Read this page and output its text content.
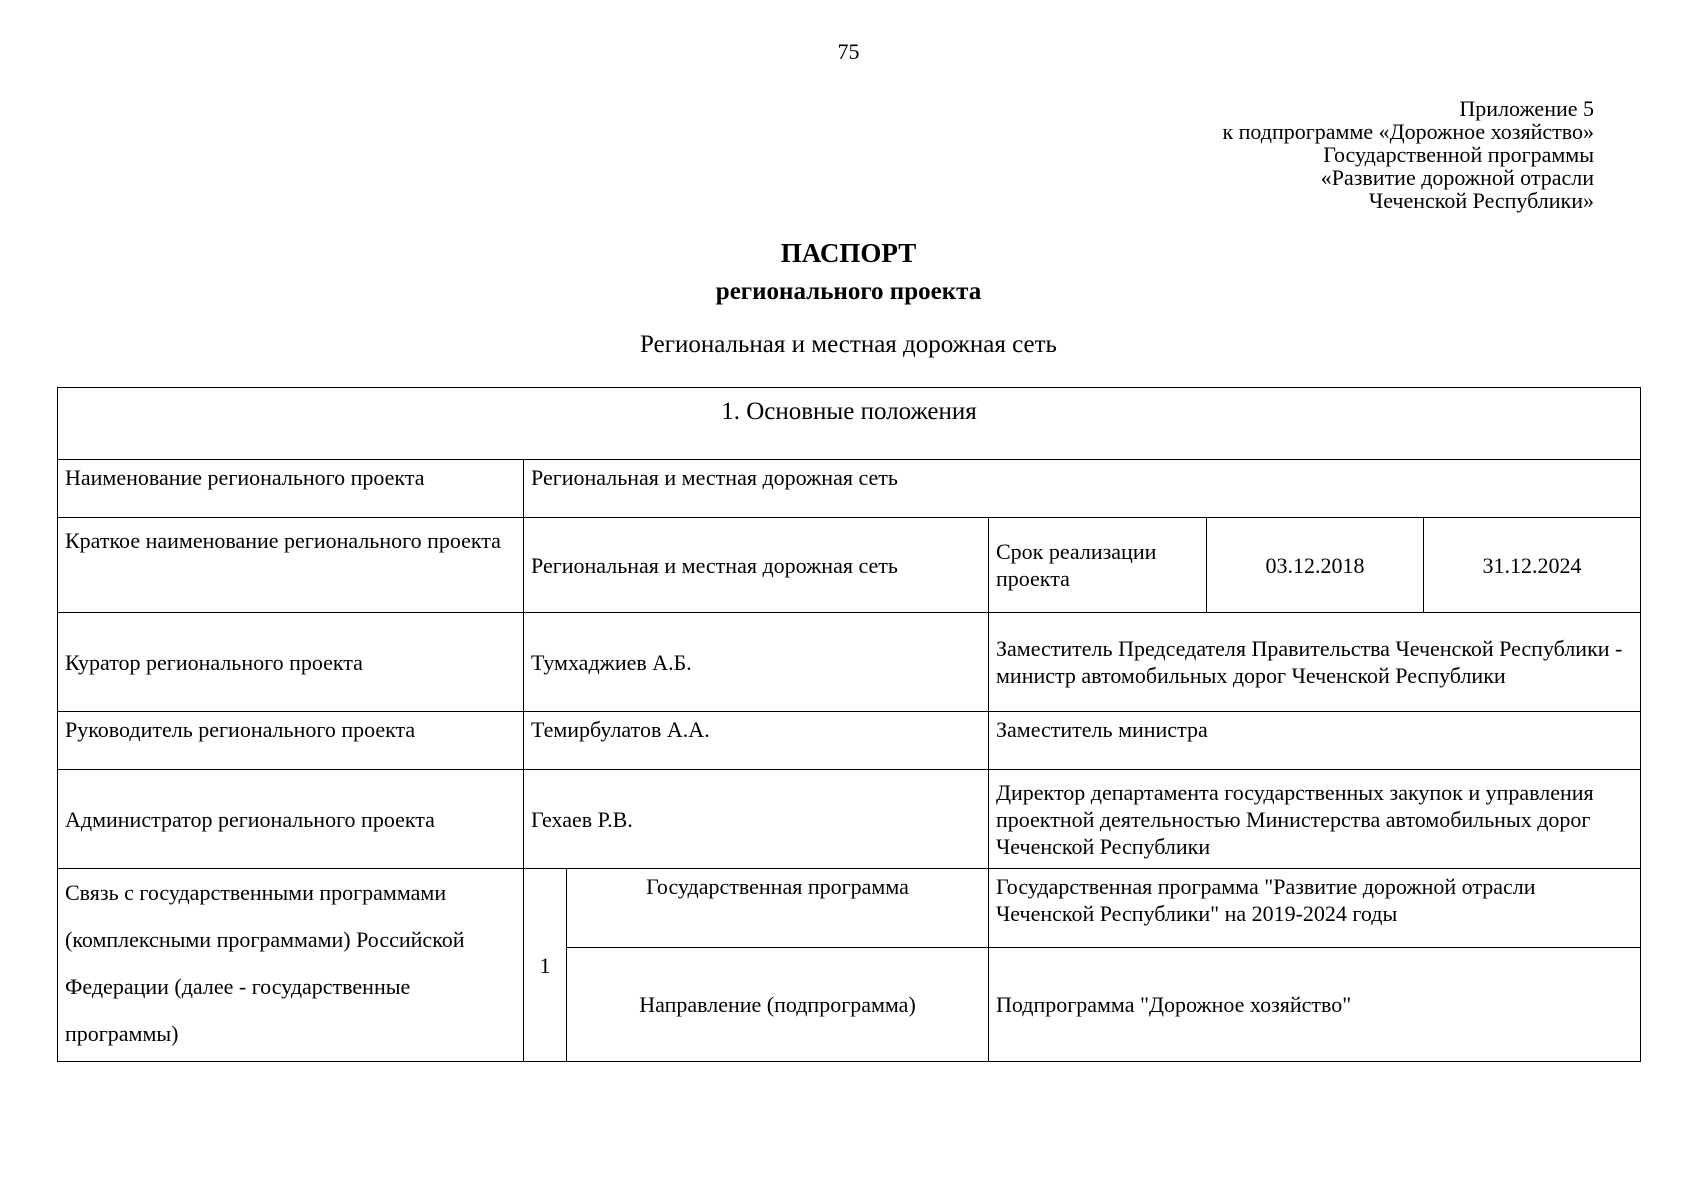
75
Приложение 5
к подпрограмме «Дорожное хозяйство»
Государственной программы
«Развитие дорожной отрасли
Чеченской Республики»
ПАСПОРТ
регионального проекта
Региональная и местная дорожная сеть
1. Основные положения					
Наименование регионального проекта	Региональная и местная дорожная сеть				
Краткое наименование регионального проекта	Региональная и местная дорожная сеть		Срок реализации проекта	03.12.2018	31.12.2024
Куратор регионального проекта	Тумхаджиев А.Б.		Заместитель Председателя Правительства Чеченской Республики - министр автомобильных дорог Чеченской Республики		
Руководитель регионального проекта	Темирбулатов А.А.		Заместитель министра		
Администратор регионального проекта	Гехаев Р.В.		Директор департамента государственных закупок и управления проектной деятельностью Министерства автомобильных дорог Чеченской Республики		
Связь с государственными программами (комплексными программами) Российской Федерации (далее - государственные программы)	1	Государственная программа	Государственная программа "Развитие дорожной отрасли Чеченской Республики" на 2019-2024 годы		
		Направление (подпрограмма)	Подпрограмма "Дорожное хозяйство"		
